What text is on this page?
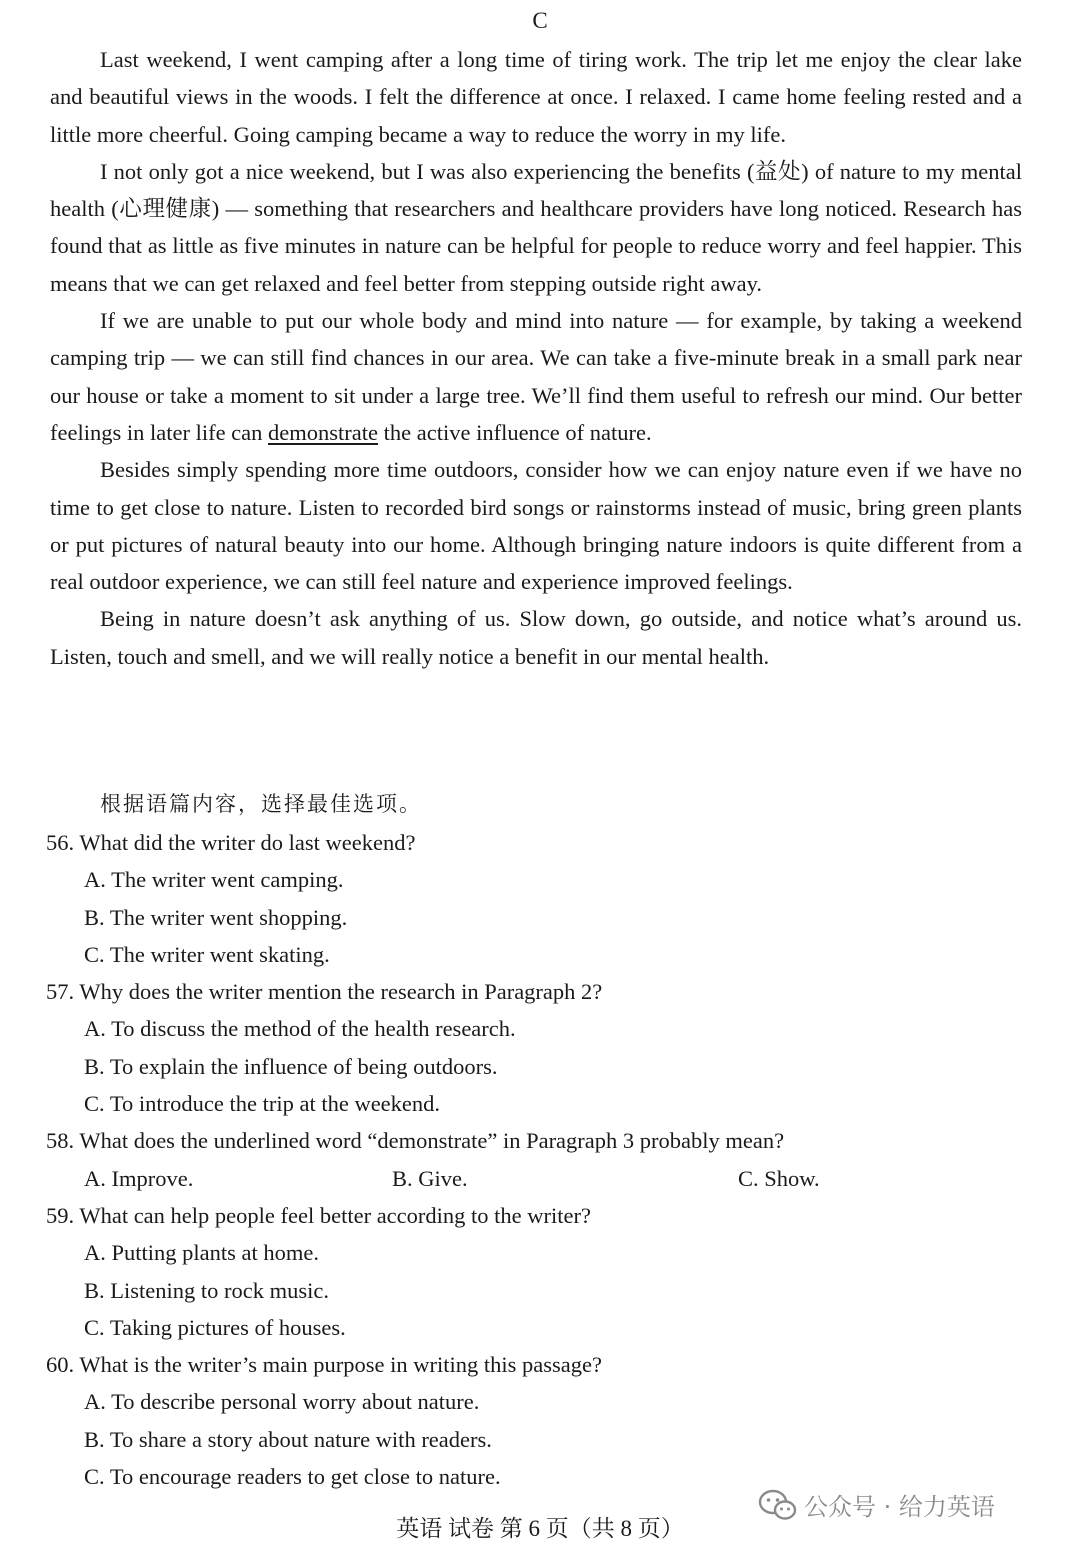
C

Last weekend, I went camping after a long time of tiring work. The trip let me enjoy the clear lake and beautiful views in the woods. I felt the difference at once. I relaxed. I came home feeling rested and a little more cheerful. Going camping became a way to reduce the worry in my life.

I not only got a nice weekend, but I was also experiencing the benefits (益处) of nature to my mental health (心理健康) — something that researchers and healthcare providers have long noticed. Research has found that as little as five minutes in nature can be helpful for people to reduce worry and feel happier. This means that we can get relaxed and feel better from stepping outside right away.

If we are unable to put our whole body and mind into nature — for example, by taking a weekend camping trip — we can still find chances in our area. We can take a five-minute break in a small park near our house or take a moment to sit under a large tree. We’ll find them useful to refresh our mind. Our better feelings in later life can demonstrate the active influence of nature.

Besides simply spending more time outdoors, consider how we can enjoy nature even if we have no time to get close to nature. Listen to recorded bird songs or rainstorms instead of music, bring green plants or put pictures of natural beauty into our home. Although bringing nature indoors is quite different from a real outdoor experience, we can still feel nature and experience improved feelings.

Being in nature doesn’t ask anything of us. Slow down, go outside, and notice what’s around us. Listen, touch and smell, and we will really notice a benefit in our mental health.

根据语篇内容，选择最佳选项。

56. What did the writer do last weekend?

A. The writer went camping.

B. The writer went shopping.

C. The writer went skating.

57. Why does the writer mention the research in Paragraph 2?

A. To discuss the method of the health research.

B. To explain the influence of being outdoors.

C. To introduce the trip at the weekend.

58. What does the underlined word “demonstrate” in Paragraph 3 probably mean?

A. Improve.	B. Give.	C. Show.

59. What can help people feel better according to the writer?

A. Putting plants at home.

B. Listening to rock music.

C. Taking pictures of houses.

60. What is the writer’s main purpose in writing this passage?

A. To describe personal worry about nature.

B. To share a story about nature with readers.

C. To encourage readers to get close to nature.

公众号 · 给力英语
英语 试卷 第 6 页（共 8 页）
